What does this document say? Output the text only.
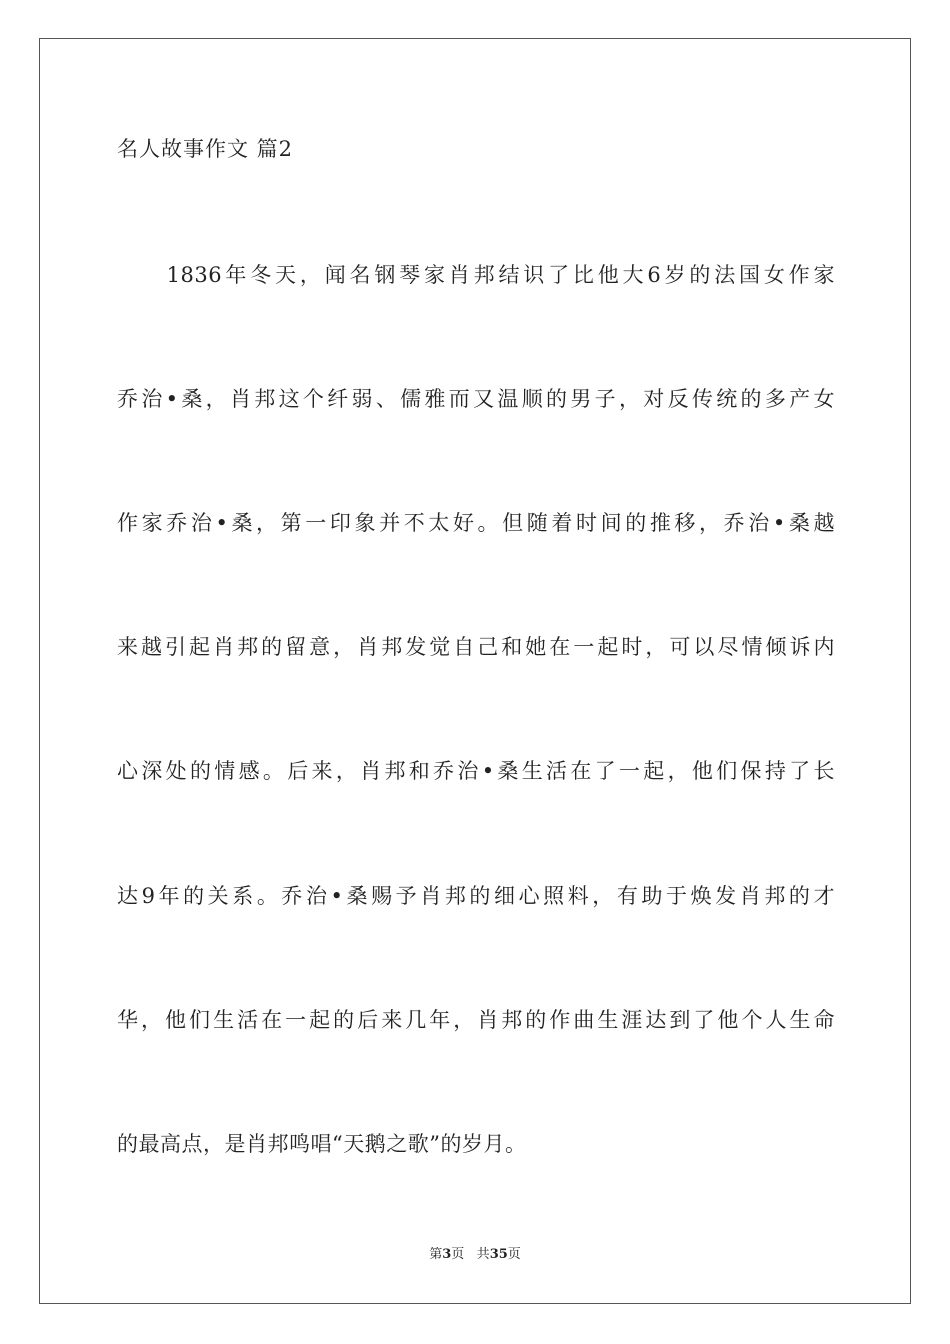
名人故事作文 篇2
　　1836年冬天，闻名钢琴家肖邦结识了比他大6岁的法国女作家
乔治•桑，肖邦这个纤弱、儒雅而又温顺的男子，对反传统的多产女
作家乔治•桑，第一印象并不太好。但随着时间的推移，乔治•桑越
来越引起肖邦的留意，肖邦发觉自己和她在一起时，可以尽情倾诉内
心深处的情感。后来，肖邦和乔治•桑生活在了一起，他们保持了长
达9年的关系。乔治•桑赐予肖邦的细心照料，有助于焕发肖邦的才
华，他们生活在一起的后来几年，肖邦的作曲生涯达到了他个人生命
的最高点，是肖邦鸣唱“天鹅之歌”的岁月。
第3页 共35页
